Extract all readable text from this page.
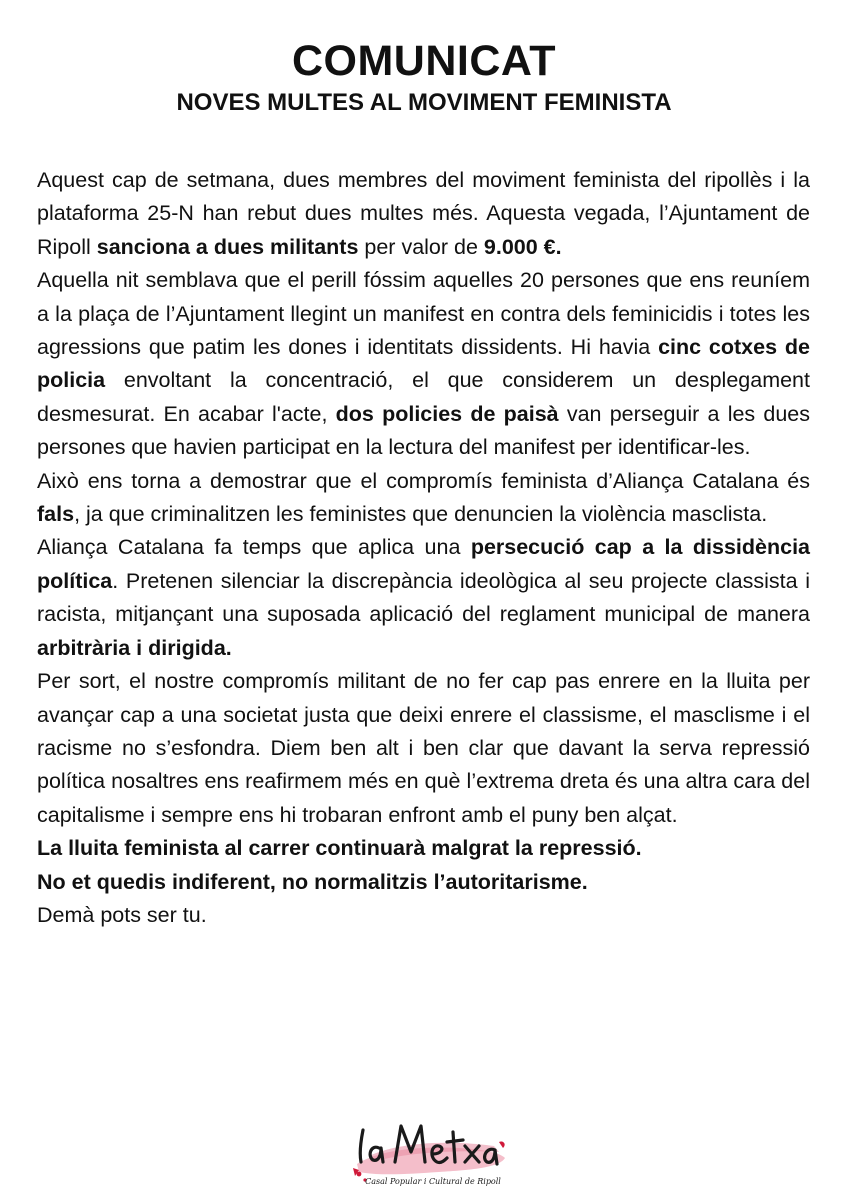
COMUNICAT
NOVES MULTES AL MOVIMENT FEMINISTA

Aquest cap de setmana, dues membres del moviment feminista del ripollès i la plataforma 25-N han rebut dues multes més. Aquesta vegada, l’Ajuntament de Ripoll sanciona a dues militants per valor de 9.000 €.

Aquella nit semblava que el perill fóssim aquelles 20 persones que ens reuníem a la plaça de l’Ajuntament llegint un manifest en contra dels feminicidis i totes les agressions que patim les dones i identitats dissidents. Hi havia cinc cotxes de policia envoltant la concentració, el que considerem un desplegament desmesurat. En acabar l'acte, dos policies de paisà van perseguir a les dues persones que havien participat en la lectura del manifest per identificar-les.

Això ens torna a demostrar que el compromís feminista d’Aliança Catalana és fals, ja que criminalitzen les feministes que denuncien la violència masclista.

Aliança Catalana fa temps que aplica una persecució cap a la dissidència política. Pretenen silenciar la discrepància ideològica al seu projecte classista i racista, mitjançant una suposada aplicació del reglament municipal de manera arbitrària i dirigida.

Per sort, el nostre compromís militant de no fer cap pas enrere en la lluita per avançar cap a una societat justa que deixi enrere el classisme, el masclisme i el racisme no s’esfondra. Diem ben alt i ben clar que davant la serva repressió política nosaltres ens reafirmem més en què l’extrema dreta és una altra cara del capitalisme i sempre ens hi trobaran enfront amb el puny ben alçat.

La lluita feminista al carrer continuarà malgrat la repressió.

No et quedis indiferent, no normalitzis l’autoritarisme.

Demà pots ser tu.

Casal Popular i Cultural de Ripoll
